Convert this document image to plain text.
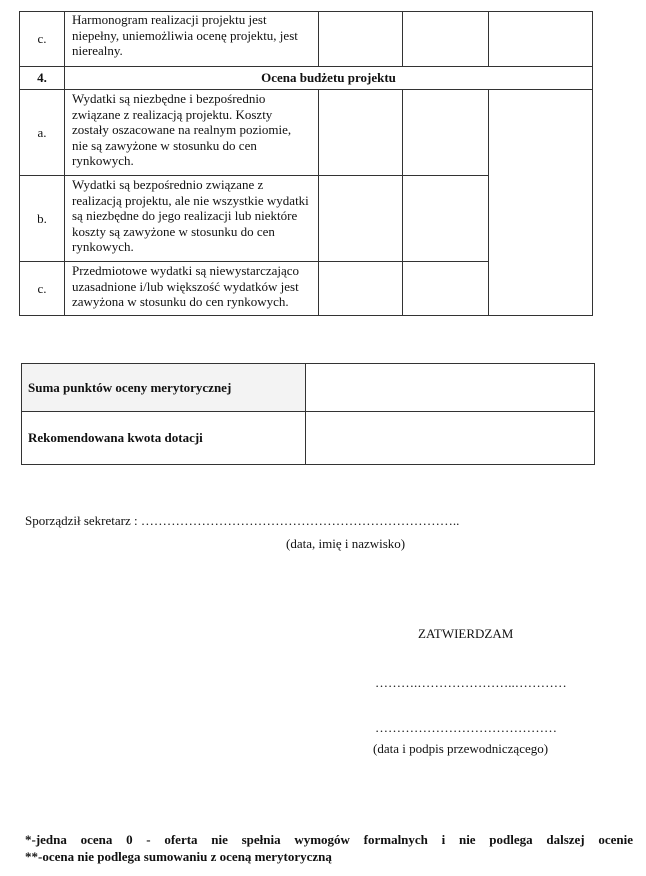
c.	Harmonogram realizacji projektu jest niepełny, uniemożliwia ocenę projektu, jest nierealny.			
4.	Ocena budżetu projektu			
a.	Wydatki są niezbędne i bezpośrednio związane z realizacją projektu. Koszty zostały oszacowane na realnym poziomie, nie są zawyżone w stosunku do cen rynkowych.			
b.	Wydatki są bezpośrednio związane z realizacją projektu, ale nie wszystkie wydatki są niezbędne do jego realizacji lub niektóre koszty są zawyżone w stosunku do cen rynkowych.			
c.	Przedmiotowe wydatki są niewystarczająco uzasadnione i/lub większość wydatków jest zawyżona w stosunku do cen rynkowych.			
Suma punktów oceny merytorycznej	
Rekomendowana kwota dotacji	
Sporządził sekretarz : ………………………………………………………………..
(data, imię i nazwisko)
ZATWIERDZAM
……….…………………..…………
……………………………………
(data i podpis przewodniczącego)
*-jedna ocena 0 - oferta nie spełnia wymogów formalnych i nie podlega dalszej ocenie
**-ocena nie podlega sumowaniu z oceną merytoryczną
